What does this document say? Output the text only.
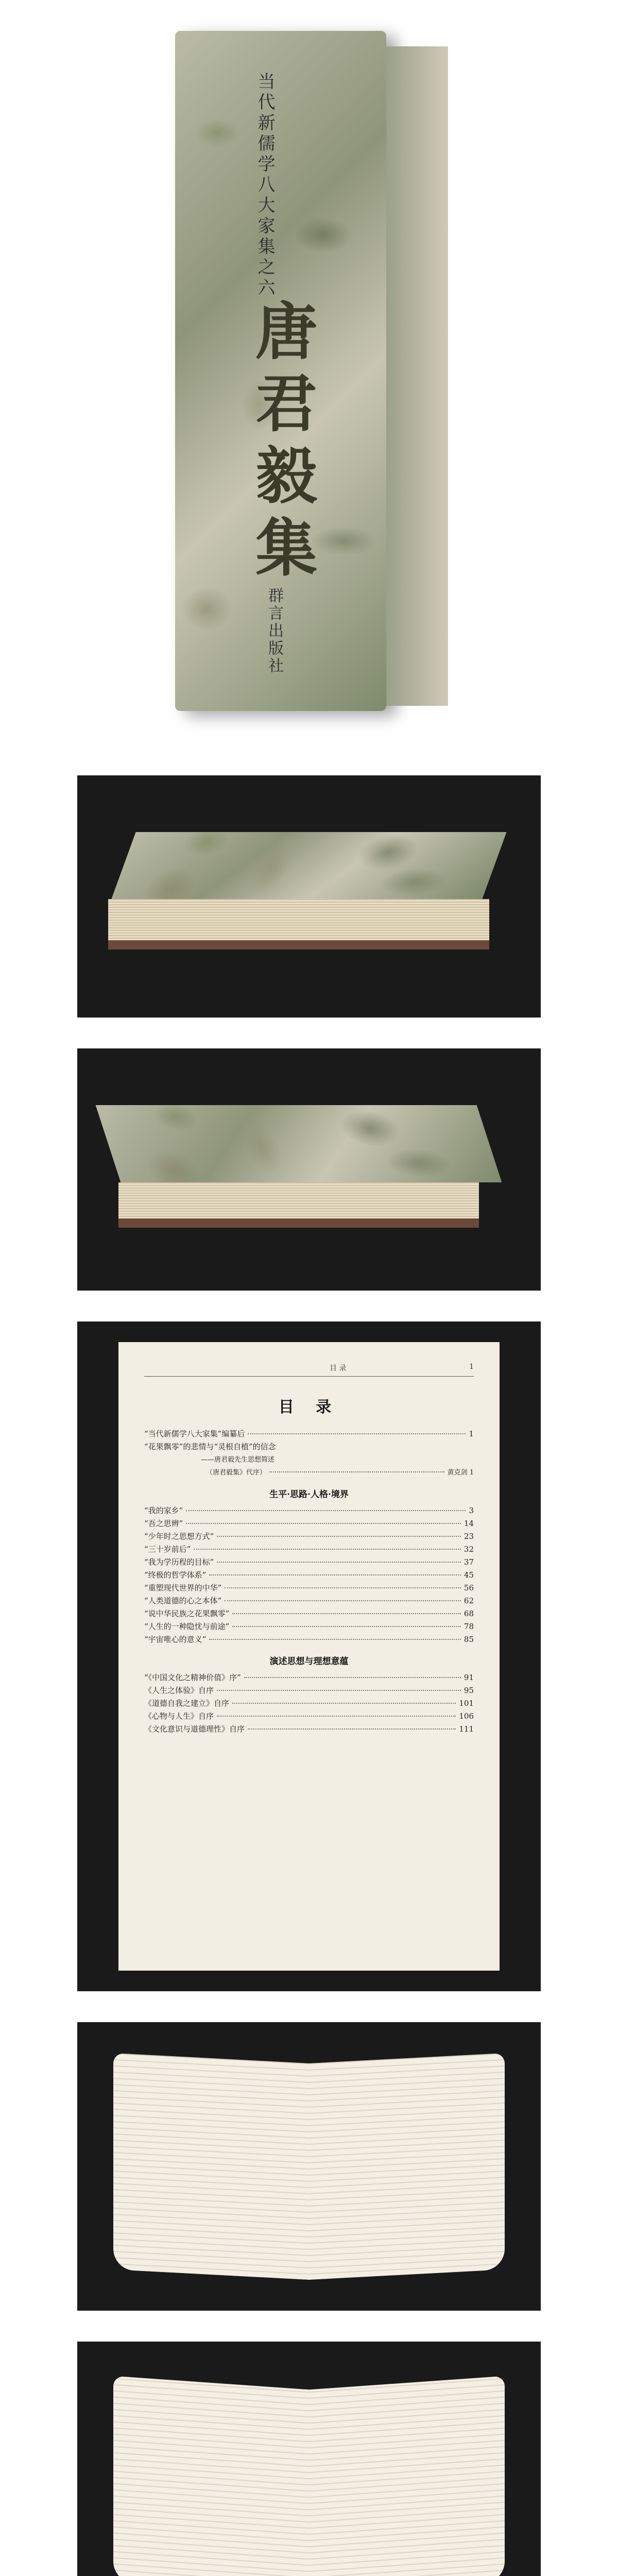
当代新儒学八大家集之六
唐君毅集
群言出版社
目 录	1
目 录
“当代新儒学八大家集”编纂后	1
“花果飘零”的悲情与“灵根自植”的信念
——唐君毅先生思想简述
（唐君毅集》代序）	黄克剑 1
生平·思路·人格·境界
“我的家乡”	3
“吾之思辨”	14
“少年时之思想方式”	23
“三十岁前后”	32
“我为学历程的目标”	37
“终极的哲学体系”	45
“重塑现代世界的中华”	56
“人类道德的心之本体”	62
“说中华民族之花果飘零”	68
“人生的一种隐忧与前途”	78
“宇宙唯心的意义”	85
演述思想与理想意蕴
“《中国文化之精神价值》序”	91
《人生之体验》自序	95
《道德自我之建立》自序	101
《心物与人生》自序	106
《文化意识与道德理性》自序	111
